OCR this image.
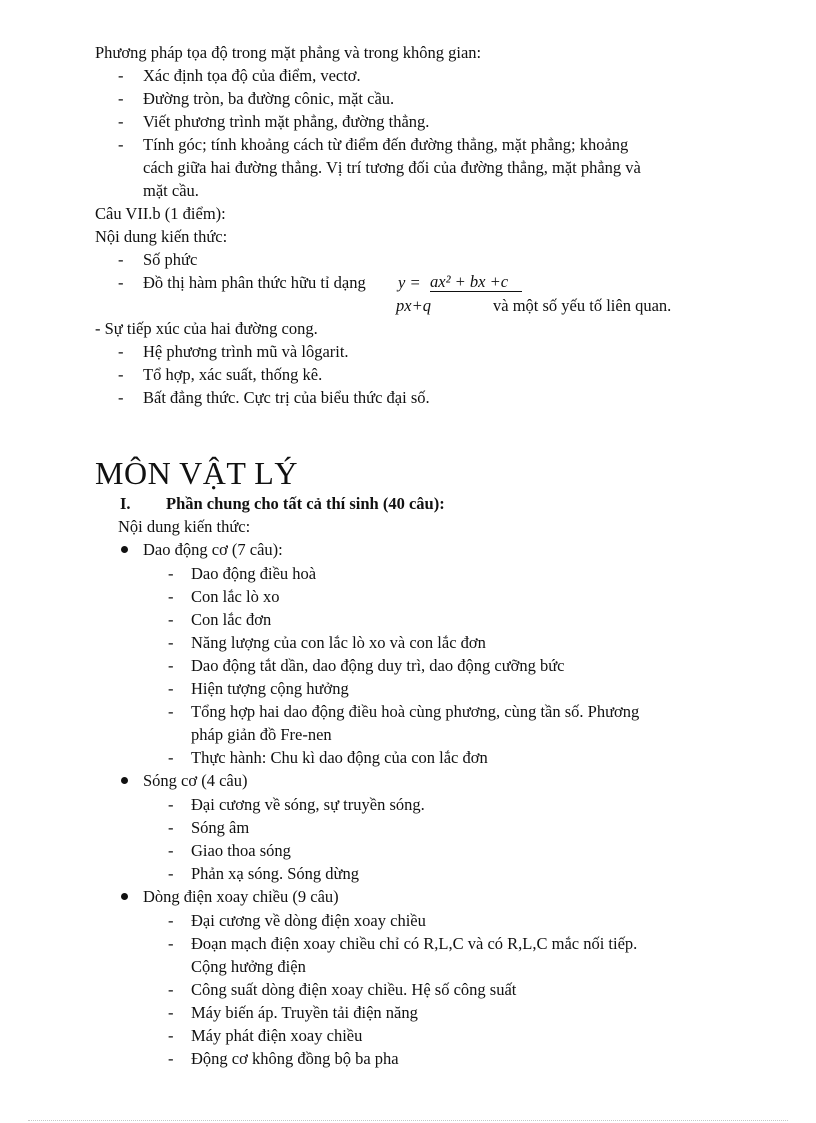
Phương pháp tọa độ trong mặt phẳng và trong không gian:
- Xác định tọa độ của điểm, vectơ.
- Đường tròn, ba đường cônic, mặt cầu.
- Viết phương trình mặt phẳng, đường thẳng.
- Tính góc; tính khoảng cách từ điểm đến đường thẳng, mặt phẳng; khoảng
cách giữa hai đường thẳng. Vị trí tương đối của đường thẳng, mặt phẳng và
mặt cầu.
Câu VII.b (1 điểm):
Nội dung kiến thức:
- Số phức
- Đồ thị hàm phân thức hữu tỉ dạng y = ax² + bx +c
px+q	và một số yếu tố liên quan.
- Sự tiếp xúc của hai đường cong.
- Hệ phương trình mũ và lôgarit.
- Tổ hợp, xác suất, thống kê.
- Bất đẳng thức. Cực trị của biểu thức đại số.
MÔN VẬT LÝ
I. Phần chung cho tất cả thí sinh (40 câu):
Nội dung kiến thức:
Dao động cơ (7 câu):
- Dao động điều hoà
- Con lắc lò xo
- Con lắc đơn
- Năng lượng của con lắc lò xo và con lắc đơn
- Dao động tắt dần, dao động duy trì, dao động cưỡng bức
- Hiện tượng cộng hưởng
- Tổng hợp hai dao động điều hoà cùng phương, cùng tần số. Phương
pháp giản đồ Fre-nen
- Thực hành: Chu kì dao động của con lắc đơn
Sóng cơ (4 câu)
- Đại cương về sóng, sự truyền sóng.
- Sóng âm
- Giao thoa sóng
- Phản xạ sóng. Sóng dừng
Dòng điện xoay chiều (9 câu)
- Đại cương về dòng điện xoay chiều
- Đoạn mạch điện xoay chiều chỉ có R,L,C và có R,L,C mắc nối tiếp.
Cộng hưởng điện
- Công suất dòng điện xoay chiều. Hệ số công suất
- Máy biến áp. Truyền tải điện năng
- Máy phát điện xoay chiều
- Động cơ không đồng bộ ba pha
